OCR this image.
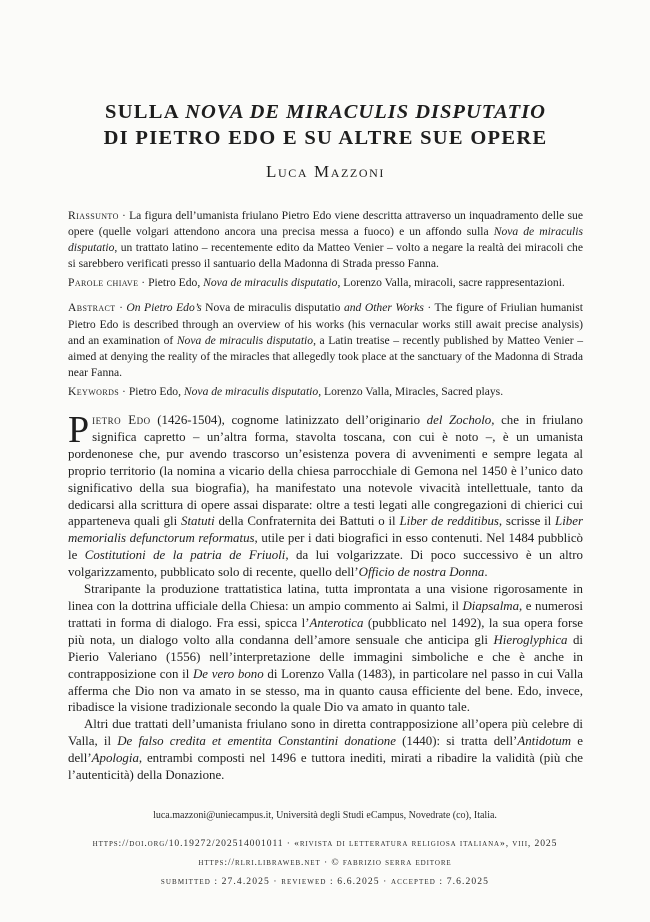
SULLA NOVA DE MIRACULIS DISPUTATIO
DI PIETRO EDO E SU ALTRE SUE OPERE
Luca Mazzoni

Riassunto · La figura dell’umanista friulano Pietro Edo viene descritta attraverso un inquadramento delle sue opere (quelle volgari attendono ancora una precisa messa a fuoco) e un affondo sulla Nova de miraculis disputatio, un trattato latino – recentemente edito da Matteo Venier – volto a negare la realtà dei miracoli che si sarebbero verificati presso il santuario della Madonna di Strada presso Fanna.

Parole chiave · Pietro Edo, Nova de miraculis disputatio, Lorenzo Valla, miracoli, sacre rappresentazioni.

Abstract · On Pietro Edo’s Nova de miraculis disputatio and Other Works · The figure of Friulian humanist Pietro Edo is described through an overview of his works (his vernacular works still await precise analysis) and an examination of Nova de miraculis disputatio, a Latin treatise – recently published by Matteo Venier – aimed at denying the reality of the miracles that allegedly took place at the sanctuary of the Madonna di Strada near Fanna.

Keywords · Pietro Edo, Nova de miraculis disputatio, Lorenzo Valla, Miracles, Sacred plays.

Pietro Edo (1426-1504), cognome latinizzato dell’originario del Zocholo, che in friulano significa capretto – un’altra forma, stavolta toscana, con cui è noto –, è un umanista pordenonese che, pur avendo trascorso un’esistenza povera di avvenimenti e sempre legata al proprio territorio (la nomina a vicario della chiesa parrocchiale di Gemona nel 1450 è l’unico dato significativo della sua biografia), ha manifestato una notevole vivacità intellettuale, tanto da dedicarsi alla scrittura di opere assai disparate: oltre a testi legati alle congregazioni di chierici cui apparteneva quali gli Statuti della Confraternita dei Battuti o il Liber de redditibus, scrisse il Liber memorialis defunctorum reformatus, utile per i dati biografici in esso contenuti. Nel 1484 pubblicò le Costitutioni de la patria de Friuoli, da lui volgarizzate. Di poco successivo è un altro volgarizzamento, pubblicato solo di recente, quello dell’Officio de nostra Donna.

Straripante la produzione trattatistica latina, tutta improntata a una visione rigorosamente in linea con la dottrina ufficiale della Chiesa: un ampio commento ai Salmi, il Diapsalma, e numerosi trattati in forma di dialogo. Fra essi, spicca l’Anterotica (pubblicato nel 1492), la sua opera forse più nota, un dialogo volto alla condanna dell’amore sensuale che anticipa gli Hieroglyphica di Pierio Valeriano (1556) nell’interpretazione delle immagini simboliche e che è anche in contrapposizione con il De vero bono di Lorenzo Valla (1483), in particolare nel passo in cui Valla afferma che Dio non va amato in se stesso, ma in quanto causa efficiente del bene. Edo, invece, ribadisce la visione tradizionale secondo la quale Dio va amato in quanto tale.

Altri due trattati dell’umanista friulano sono in diretta contrapposizione all’opera più celebre di Valla, il De falso credita et ementita Constantini donatione (1440): si tratta dell’Antidotum e dell’Apologia, entrambi composti nel 1496 e tuttora inediti, mirati a ribadire la validità (più che l’autenticità) della Donazione.

luca.mazzoni@uniecampus.it, Università degli Studi eCampus, Novedrate (co), Italia.
https://doi.org/10.19272/202514001011 · «rivista di letteratura religiosa italiana», viii, 2025
https://rlri.libraweb.net · © fabrizio serra editore
submitted : 27.4.2025 · reviewed : 6.6.2025 · accepted : 7.6.2025
